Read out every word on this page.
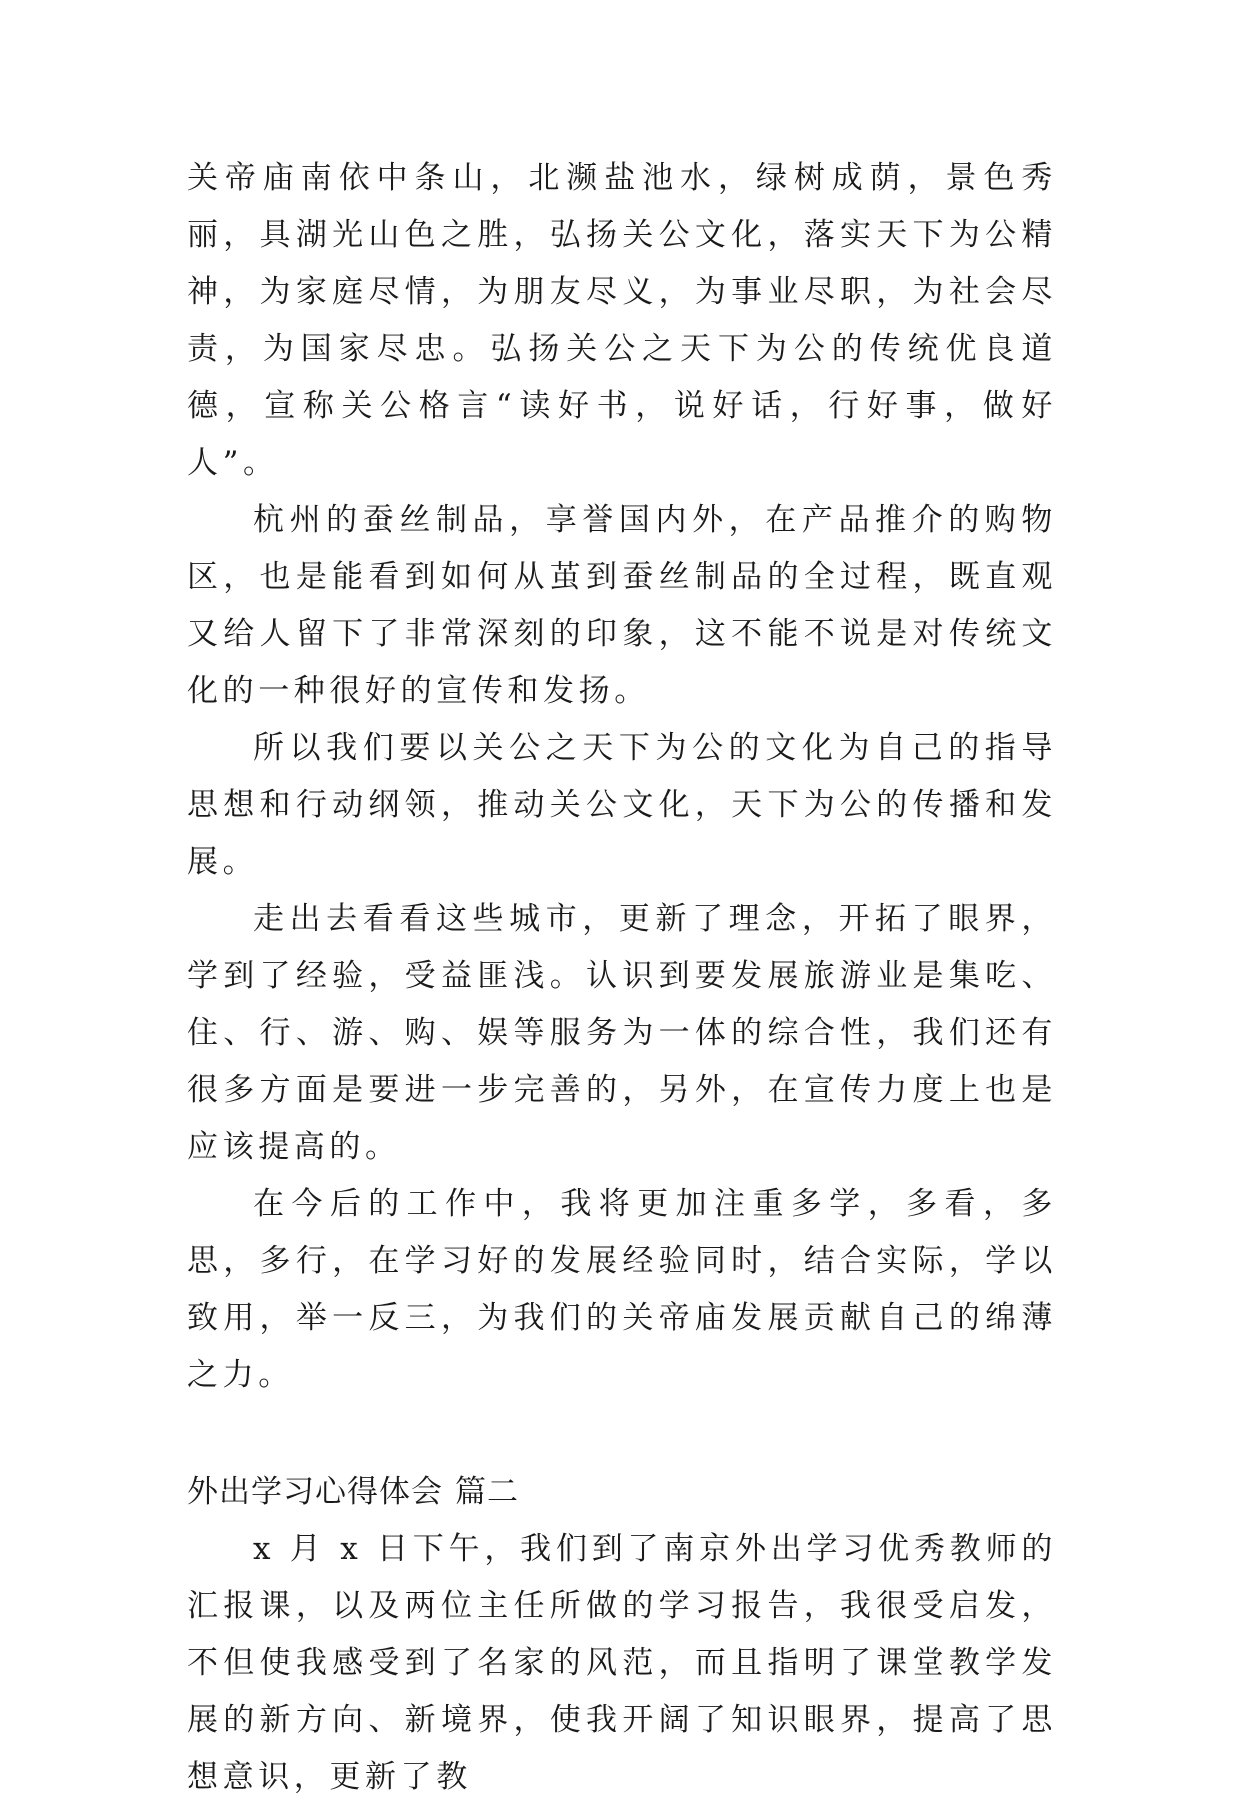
关帝庙南依中条山，北濒盐池水，绿树成荫，景色秀丽，具湖光山色之胜，弘扬关公文化，落实天下为公精神，为家庭尽情，为朋友尽义，为事业尽职，为社会尽责，为国家尽忠。弘扬关公之天下为公的传统优良道德，宣称关公格言“读好书，说好话，行好事，做好人”。

杭州的蚕丝制品，享誉国内外，在产品推介的购物区，也是能看到如何从茧到蚕丝制品的全过程，既直观又给人留下了非常深刻的印象，这不能不说是对传统文化的一种很好的宣传和发扬。

所以我们要以关公之天下为公的文化为自己的指导思想和行动纲领，推动关公文化，天下为公的传播和发展。

走出去看看这些城市，更新了理念，开拓了眼界，学到了经验，受益匪浅。认识到要发展旅游业是集吃、住、行、游、购、娱等服务为一体的综合性，我们还有很多方面是要进一步完善的，另外，在宣传力度上也是应该提高的。

在今后的工作中，我将更加注重多学，多看，多思，多行，在学习好的发展经验同时，结合实际，学以致用，举一反三，为我们的关帝庙发展贡献自己的绵薄之力。

外出学习心得体会 篇二

x 月 x 日下午，我们到了南京外出学习优秀教师的汇报课，以及两位主任所做的学习报告，我很受启发，不但使我感受到了名家的风范，而且指明了课堂教学发展的新方向、新境界，使我开阔了知识眼界，提高了思想意识，更新了教
